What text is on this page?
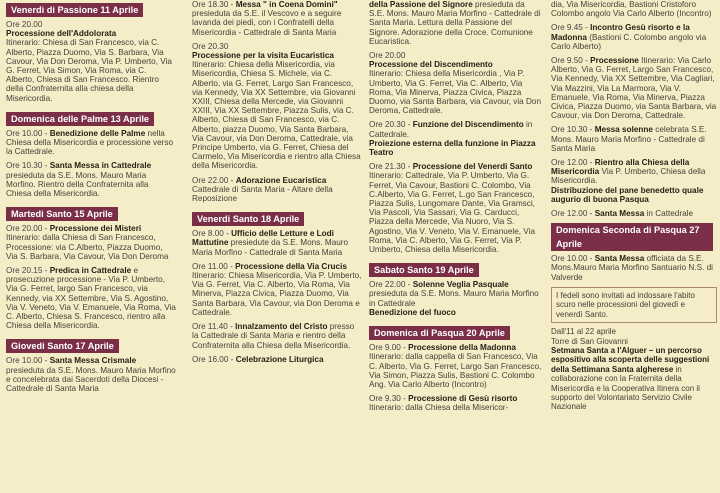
Venerdì di Passione 11 Aprile
Ore 20.00
Processione dell'Addolorata
Itinerario: Chiesa di San Francesco, via C. Alberto, Piazza Duomo, Via S. Barbara, Via Cavour, Via Don Deroma, Via P. Umberto, Via G. Ferret, Via Simon, Via Roma, via C. Alberto, Chiesa di San Francesco. Rientro della Confraternita alla chiesa della Misericordia.
Domenica delle Palme 13 Aprile
Ore 10.00 - Benedizione delle Palme nella Chiesa della Misericordia e processione verso la Cattedrale.
Ore 10.30 - Santa Messa in Cattedrale presieduta da S.E. Mons. Mauro Maria Morfino. Rientro della Confraternita alla Chiesa della Misericordia.
Martedi Santo 15 Aprile
Ore 20.00 - Processione dei Misteri Itinerario: dalla Chiesa di San Francesco, Processione: via C.Alberto, Piazza Duomo, Via S. Barbara, Via Cavour, Via Don Deroma
Ore 20.15 - Predica in Cattedrale e prosecuzione processione - Via P. Umberto, Via G. Ferret, largo San Francesco, via Kennedy, via XX Settembre, Via S. Agostino, Via V. Veneto, Via V. Emanuele, Via Roma, Via C. Alberto, Chiesa S. Francesco, rientro alla Chiesa della Misericordia.
Giovedi Santo 17 Aprile
Ore 10.00 - Santa Messa Crismale presieduta da S.E. Mons. Mauro Maria Morfino e concelebrata dai Sacerdoti della Diocesi - Cattedrale di Santa Maria
Ore 18.30 - Messa " in Coena Domini" presieduta da S.E. il Vescovo e a seguire lavanda dei piedi, con i Confratelli della Misericordia - Cattedrale di Santa Maria
Ore 20.30
Processione per la visita Eucaristica
Itinerario: Chiesa della Misericordia, via Misericordia, Chiesa S. Michele, via C. Alberto, via G. Ferret, Largo San Francesco, via Kennedy, Via XX Settembre, via Giovanni XXIII, Chiesa della Mercede, via Giovanni XXIII, Via XX Settembre, Piazza Sulis, via C. Alberto, Chiesa di San Francesco, via C. Alberto, piazza Duomo, Via Santa Barbara, Via Cavour, via Don Deroma, Cattedrale, via Principe Umberto, via G. Ferret, Chiesa del Carmelo, Via Misericordia e rientro alla Chiesa della Misericordia.
Ore 22.00 - Adorazione Eucaristica Cattedrale di Santa Maria - Altare della Reposizione
Venerdi Santo 18 Aprile
Ore 8.00 - Ufficio delle Letture e Lodi Mattutine presiedute da S.E. Mons. Mauro Maria Morfino - Cattedrale di Santa Maria
Ore 11.00 - Processione della Via Crucis Itinerario: Chiesa Misericordia, Via P. Umberto, Via G. Ferret, Via C. Alberto, Via Roma, Via Minerva, Piazza Civica, Piazza Duomo, Via Santa Barbara, Via Cavour, via Don Deroma e Cattedrale.
Ore 11.40 - Innalzamento del Cristo presso la Cattedrale di Santa Maria e rientro della Confraternita alla Chiesa della Misericordia.
Ore 16.00 - Celebrazione Liturgica
della Passione del Signore presieduta da S.E. Mons. Mauro Maria Morfino - Cattedrale di Santa Maria. Lettura della Passione del Signore. Adorazione della Croce. Comunione Eucaristica.
Ore 20.00
Processione del Discendimento
Itinerario: Chiesa della Misericordia , Via P. Umberto, Via G. Ferret, Via C. Alberto, Via Roma, Via Minerva, Piazza Civica, Piazza Duomo, via Santa Barbara, via Cavour, via Don Deroma, Cattedrale.
Ore 20.30 - Funzione del Discendimento in Cattedrale.
Proiezione esterna della funzione in Piazza Teatro
Ore 21.30 - Processione del Venerdi Santo Itinerario: Cattedrale, Via P. Umberto, Via G. Ferret, Via Cavour, Bastioni C. Colombo, Via C.Alberto, Via G. Ferret, L.go San Francesco, Piazza Sulis, Lungomare Dante, Via Gramsci, Via Pascoli, Via Sassari, Via G. Carducci, Piazza della Mercede, Via Nuoro, Via S. Agostino, Via V. Veneto, Via V. Emanuele, Via Roma, Via C. Alberto, Via G. Ferret, Via P. Umberto, Chiesa della Misericordia.
Sabato Santo 19 Aprile
Ore 22.00 - Solenne Veglia Pasquale presieduta da S.E. Mons. Mauro Maria Morfino in Cattedrale
Benedizione del fuoco
Domenica di Pasqua 20 Aprile
Ore 9.00 - Processione della Madonna Itinerario: dalla cappella di San Francesco, Via C. Alberto, Via G. Ferret, Largo San Francesco, Via Simon, Piazza Sulis, Bastioni C. Colombo Ang. Via Carlo Alberto (Incontro)
Ore 9.30 - Processione di Gesù risorto Itinerario: dalla Chiesa della Misericor-
dia, Via Misericordia, Bastioni Cristoforo Colombo angolo Via Carlo Alberto (Incontro)
Ore 9.45 - Incontro Gesù risorto e la Madonna (Bastioni C. Colombo angolo via Carlo Alberto)
Ore 9.50 - Processione Itinerario: Via Carlo Alberto, Via G. Ferret, Largo San Francesco, Via Kennedy, Via XX Settembre, Via Cagliari, Via Mazzini, Via La Marmora, Via V. Emanuele, Via Roma, Via Minerva, Piazza Civica, Piazza Duomo, via Santa Barbara, via Cavour, via Don Deroma, Cattedrale.
Ore 10.30 - Messa solenne celebrata S.E. Mons. Mauro Maria Morfino - Cattedrale di Santa Maria
Ore 12.00 - Rientro alla Chiesa della Misericordia Via P. Umberto, Chiesa della Misericordia.
Distribuzione del pane benedetto quale augurio di buona Pasqua
Ore 12.00 - Santa Messa in Cattedrale
Domenica Seconda di Pasqua 27 Aprile
Ore 10.00 - Santa Messa officiata da S.E. Mons.Mauro Maria Morfino Santuario N.S. di Valverde
I fedeli sono invitati ad indossare l'abito scuro nelle processioni del giovedì e venerdì Santo.
Dall'11 al 22 aprile
Torre di San Giovanni
Setmana Santa a l'Alguer – un percorso espositivo alla scoperta delle suggestioni della Settimana Santa algherese in collaborazione con la Fraternita della Misericordia e la Cooperativa Itinera con il supporto del Volontariato Servizio Civile Nazionale
